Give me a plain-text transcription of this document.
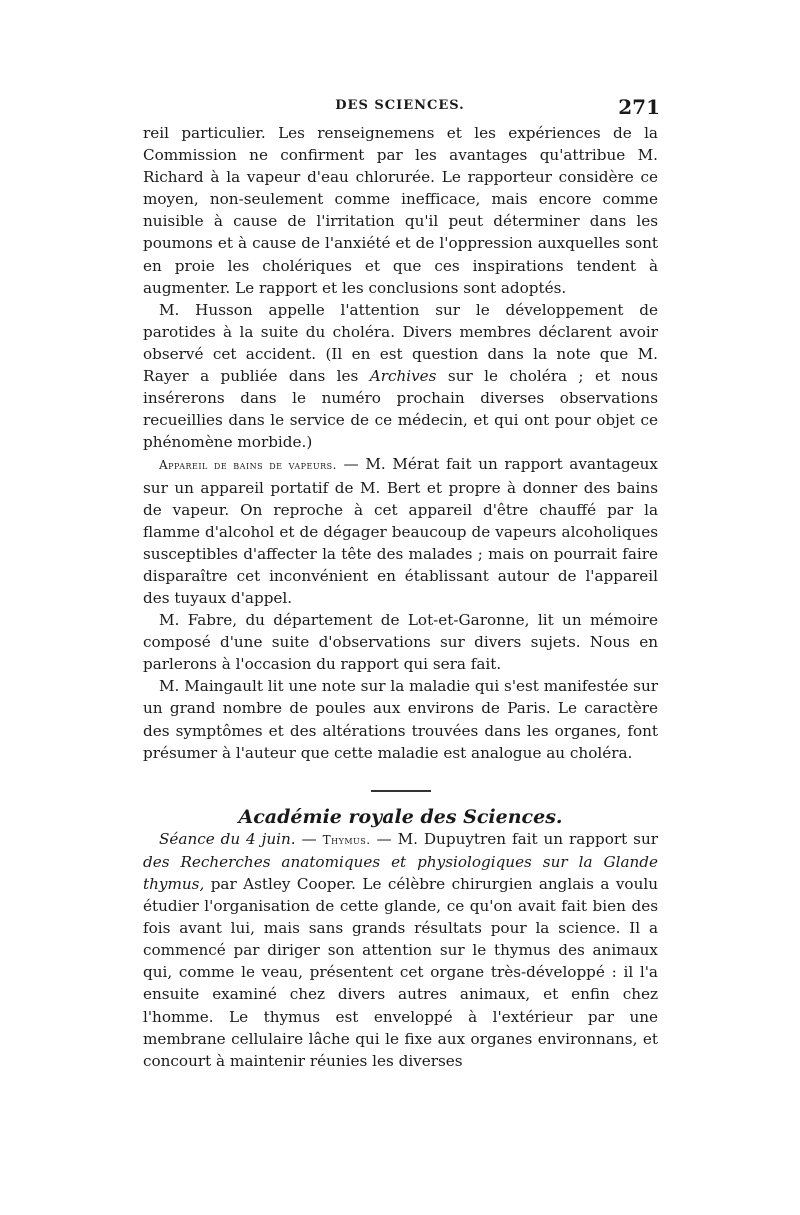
DES SCIENCES.	271

reil particulier. Les renseignemens et les expériences de la Commission ne confirment par les avantages qu'attribue M. Richard à la vapeur d'eau chlorurée. Le rapporteur considère ce moyen, non-seulement comme inefficace, mais encore comme nuisible à cause de l'irritation qu'il peut déterminer dans les poumons et à cause de l'anxiété et de l'oppression auxquelles sont en proie les cholériques et que ces inspirations tendent à augmenter. Le rapport et les conclusions sont adoptés.

M. Husson appelle l'attention sur le développement de parotides à la suite du choléra. Divers membres déclarent avoir observé cet accident. (Il en est question dans la note que M. Rayer a publiée dans les Archives sur le choléra ; et nous insérerons dans le numéro prochain diverses observations recueillies dans le service de ce médecin, et qui ont pour objet ce phénomène morbide.)

Appareil de bains de vapeurs. — M. Mérat fait un rapport avantageux sur un appareil portatif de M. Bert et propre à donner des bains de vapeur. On reproche à cet appareil d'être chauffé par la flamme d'alcohol et de dégager beaucoup de vapeurs alcoholiques susceptibles d'affecter la tête des malades ; mais on pourrait faire disparaître cet inconvénient en établissant autour de l'appareil des tuyaux d'appel.

M. Fabre, du département de Lot-et-Garonne, lit un mémoire composé d'une suite d'observations sur divers sujets. Nous en parlerons à l'occasion du rapport qui sera fait.

M. Maingault lit une note sur la maladie qui s'est manifestée sur un grand nombre de poules aux environs de Paris. Le caractère des symptômes et des altérations trouvées dans les organes, font présumer à l'auteur que cette maladie est analogue au choléra.

Académie royale des Sciences.

Séance du 4 juin. — Thymus. — M. Dupuytren fait un rapport sur des Recherches anatomiques et physiologiques sur la Glande thymus, par Astley Cooper. Le célèbre chirurgien anglais a voulu étudier l'organisation de cette glande, ce qu'on avait fait bien des fois avant lui, mais sans grands résultats pour la science. Il a commencé par diriger son attention sur le thymus des animaux qui, comme le veau, présentent cet organe très-développé : il l'a ensuite examiné chez divers autres animaux, et enfin chez l'homme. Le thymus est enveloppé à l'extérieur par une membrane cellulaire lâche qui le fixe aux organes environnans, et concourt à maintenir réunies les diverses
